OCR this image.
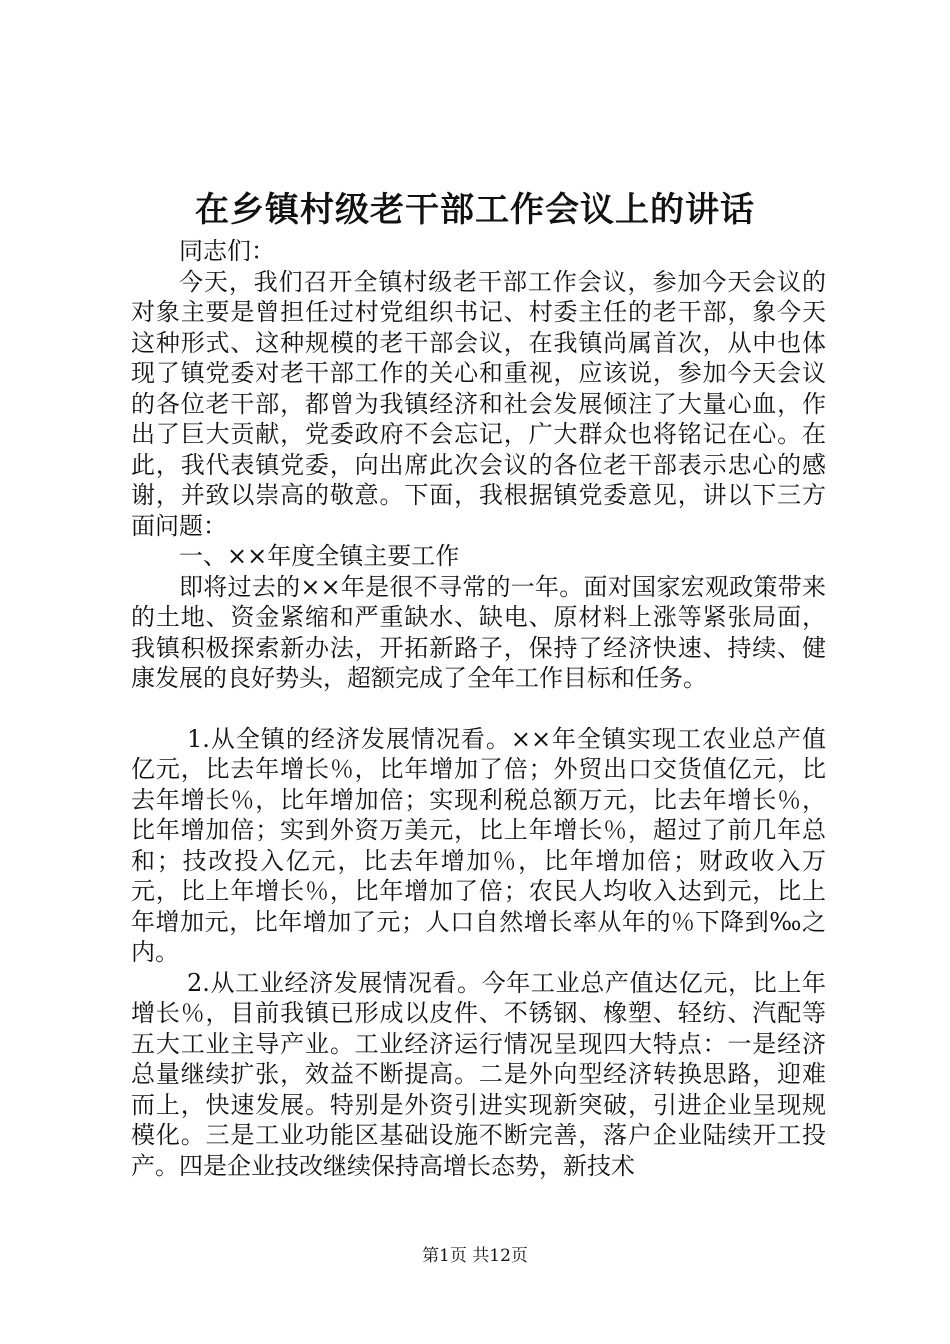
在乡镇村级老干部工作会议上的讲话

同志们：

今天，我们召开全镇村级老干部工作会议，参加今天会议的对象主要是曾担任过村党组织书记、村委主任的老干部，象今天这种形式、这种规模的老干部会议，在我镇尚属首次，从中也体现了镇党委对老干部工作的关心和重视，应该说，参加今天会议的各位老干部，都曾为我镇经济和社会发展倾注了大量心血，作出了巨大贡献，党委政府不会忘记，广大群众也将铭记在心。在此，我代表镇党委，向出席此次会议的各位老干部表示忠心的感谢，并致以崇高的敬意。下面，我根据镇党委意见，讲以下三方面问题：

一、××年度全镇主要工作

即将过去的××年是很不寻常的一年。面对国家宏观政策带来的土地、资金紧缩和严重缺水、缺电、原材料上涨等紧张局面，我镇积极探索新办法，开拓新路子，保持了经济快速、持续、健康发展的良好势头，超额完成了全年工作目标和任务。

1.从全镇的经济发展情况看。××年全镇实现工农业总产值亿元，比去年增长％，比年增加了倍；外贸出口交货值亿元，比去年增长％，比年增加倍；实现利税总额万元，比去年增长％，比年增加倍；实到外资万美元，比上年增长％，超过了前几年总和；技改投入亿元，比去年增加％，比年增加倍；财政收入万元，比上年增长％，比年增加了倍；农民人均收入达到元，比上年增加元，比年增加了元；人口自然增长率从年的％下降到‰之内。

2.从工业经济发展情况看。今年工业总产值达亿元，比上年增长％，目前我镇已形成以皮件、不锈钢、橡塑、轻纺、汽配等五大工业主导产业。工业经济运行情况呈现四大特点：一是经济总量继续扩张，效益不断提高。二是外向型经济转换思路，迎难而上，快速发展。特别是外资引进实现新突破，引进企业呈现规模化。三是工业功能区基础设施不断完善，落户企业陆续开工投产。四是企业技改继续保持高增长态势，新技术

第1页 共12页
